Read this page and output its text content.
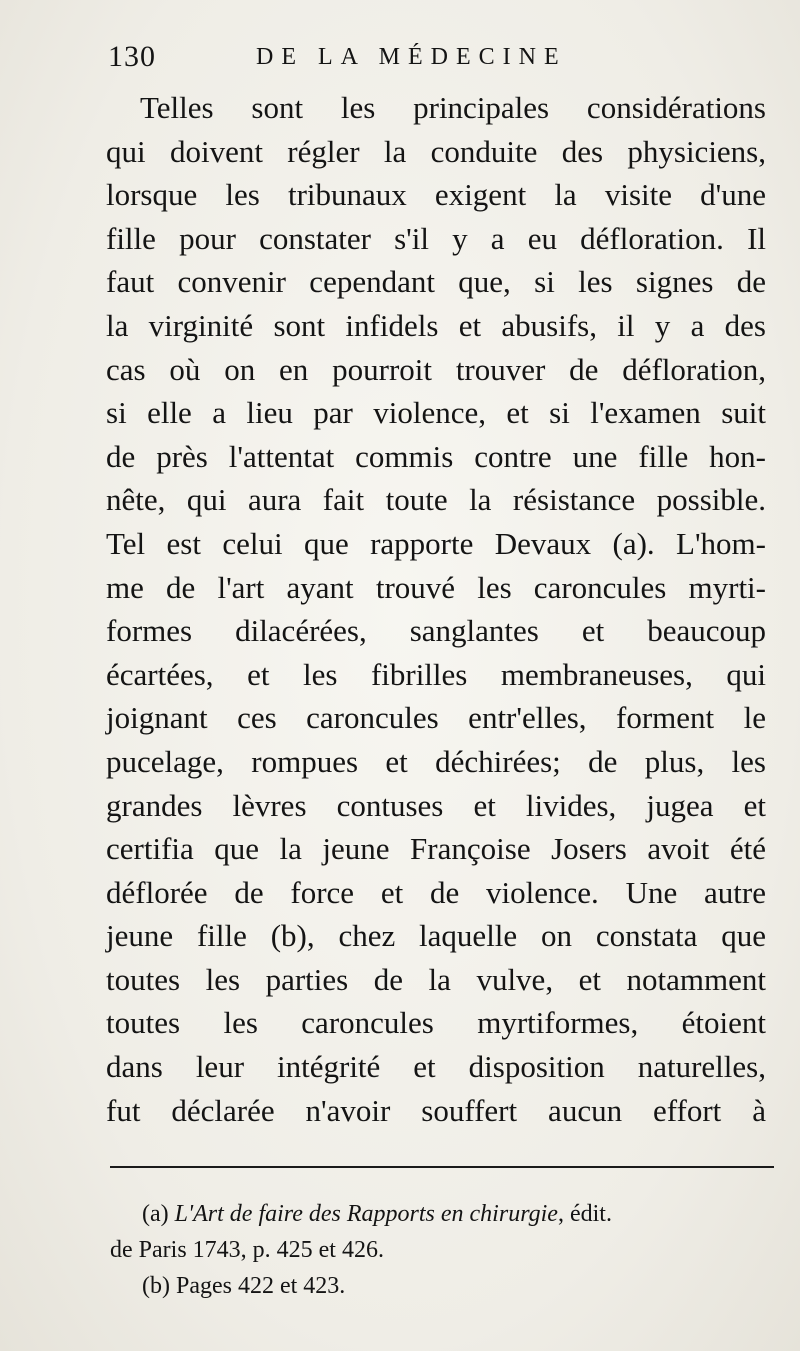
130	DE LA MÉDECINE
Telles sont les principales considérations
qui doivent régler la conduite des physiciens,
lorsque les tribunaux exigent la visite d'une
fille pour constater s'il y a eu défloration. Il
faut convenir cependant que, si les signes de
la virginité sont infidels et abusifs, il y a des
cas où on en pourroit trouver de défloration,
si elle a lieu par violence, et si l'examen suit
de près l'attentat commis contre une fille hon-
nête, qui aura fait toute la résistance possible.
Tel est celui que rapporte Devaux (a). L'hom-
me de l'art ayant trouvé les caroncules myrti-
formes dilacérées, sanglantes et beaucoup
écartées, et les fibrilles membraneuses, qui
joignant ces caroncules entr'elles, forment le
pucelage, rompues et déchirées; de plus, les
grandes lèvres contuses et livides, jugea et
certifia que la jeune Françoise Josers avoit été
déflorée de force et de violence. Une autre
jeune fille (b), chez laquelle on constata que
toutes les parties de la vulve, et notamment
toutes les caroncules myrtiformes, étoient
dans leur intégrité et disposition naturelles,
fut déclarée n'avoir souffert aucun effort à
(a) L'Art de faire des Rapports en chirurgie, édit.
de Paris 1743, p. 425 et 426.
(b) Pages 422 et 423.
